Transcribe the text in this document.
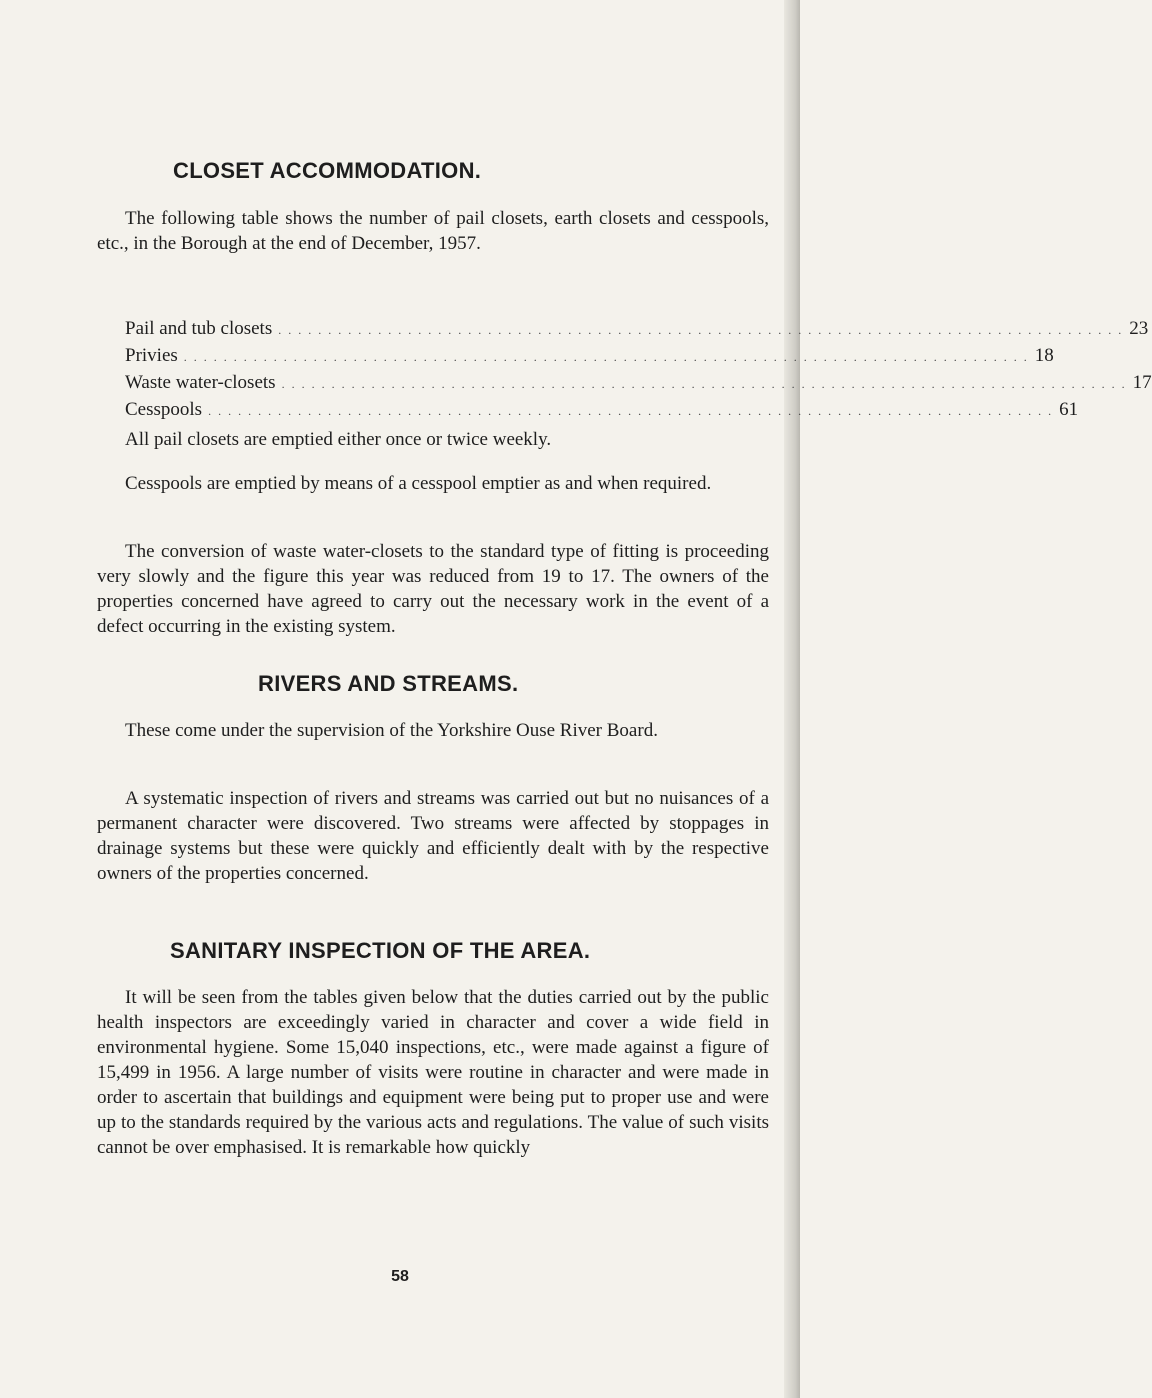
CLOSET ACCOMMODATION.

The following table shows the number of pail closets, earth closets and cesspools, etc., in the Borough at the end of December, 1957.

Pail and tub closets . . . . . . . . . . . . . . . . . . . . . . . . . . . . . . . . . . . . . . . . . . . . . . . . . . . . . . . . . . . . . . . . . . . . . . . . . . . . . . . . . . . . . 23
Privies . . . . . . . . . . . . . . . . . . . . . . . . . . . . . . . . . . . . . . . . . . . . . . . . . . . . . . . . . . . . . . . . . . . . . . . . . . . . . . . . . . . . . 18
Waste water-closets . . . . . . . . . . . . . . . . . . . . . . . . . . . . . . . . . . . . . . . . . . . . . . . . . . . . . . . . . . . . . . . . . . . . . . . . . . . . . . . . . . . . . 17
Cesspools . . . . . . . . . . . . . . . . . . . . . . . . . . . . . . . . . . . . . . . . . . . . . . . . . . . . . . . . . . . . . . . . . . . . . . . . . . . . . . . . . . . . . 61

All pail closets are emptied either once or twice weekly.

Cesspools are emptied by means of a cesspool emptier as and when required.

The conversion of waste water-closets to the standard type of fitting is proceeding very slowly and the figure this year was reduced from 19 to 17. The owners of the properties concerned have agreed to carry out the necessary work in the event of a defect occurring in the existing system.

RIVERS AND STREAMS.

These come under the supervision of the Yorkshire Ouse River Board.

A systematic inspection of rivers and streams was carried out but no nuisances of a permanent character were discovered. Two streams were affected by stoppages in drainage systems but these were quickly and efficiently dealt with by the respective owners of the properties concerned.

SANITARY INSPECTION OF THE AREA.

It will be seen from the tables given below that the duties carried out by the public health inspectors are exceedingly varied in character and cover a wide field in environmental hygiene. Some 15,040 inspections, etc., were made against a figure of 15,499 in 1956. A large number of visits were routine in character and were made in order to ascertain that buildings and equipment were being put to proper use and were up to the standards required by the various acts and regulations. The value of such visits cannot be over emphasised. It is remarkable how quickly

58
